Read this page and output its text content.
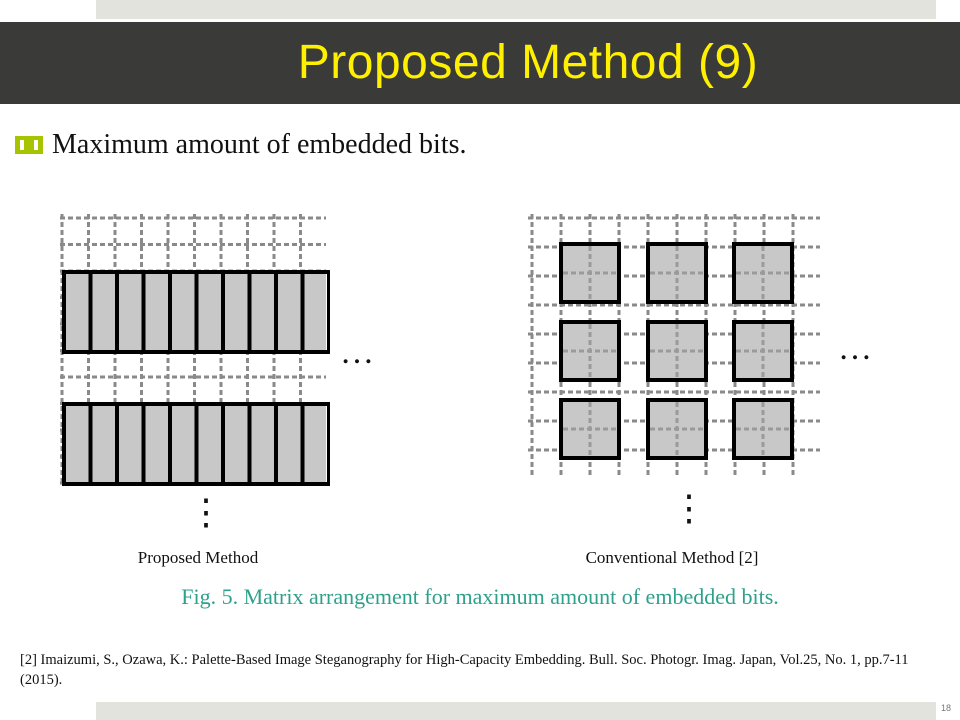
Proposed Method (9)
Maximum amount of embedded bits.
…	…
⋮	⋮
Proposed Method	Conventional Method [2]
Fig. 5. Matrix arrangement for maximum amount of embedded bits.
[2] Imaizumi, S., Ozawa, K.: Palette-Based Image Steganography for High-Capacity Embedding. Bull. Soc. Photogr. Imag. Japan, Vol.25, No. 1, pp.7-11 (2015).
18
